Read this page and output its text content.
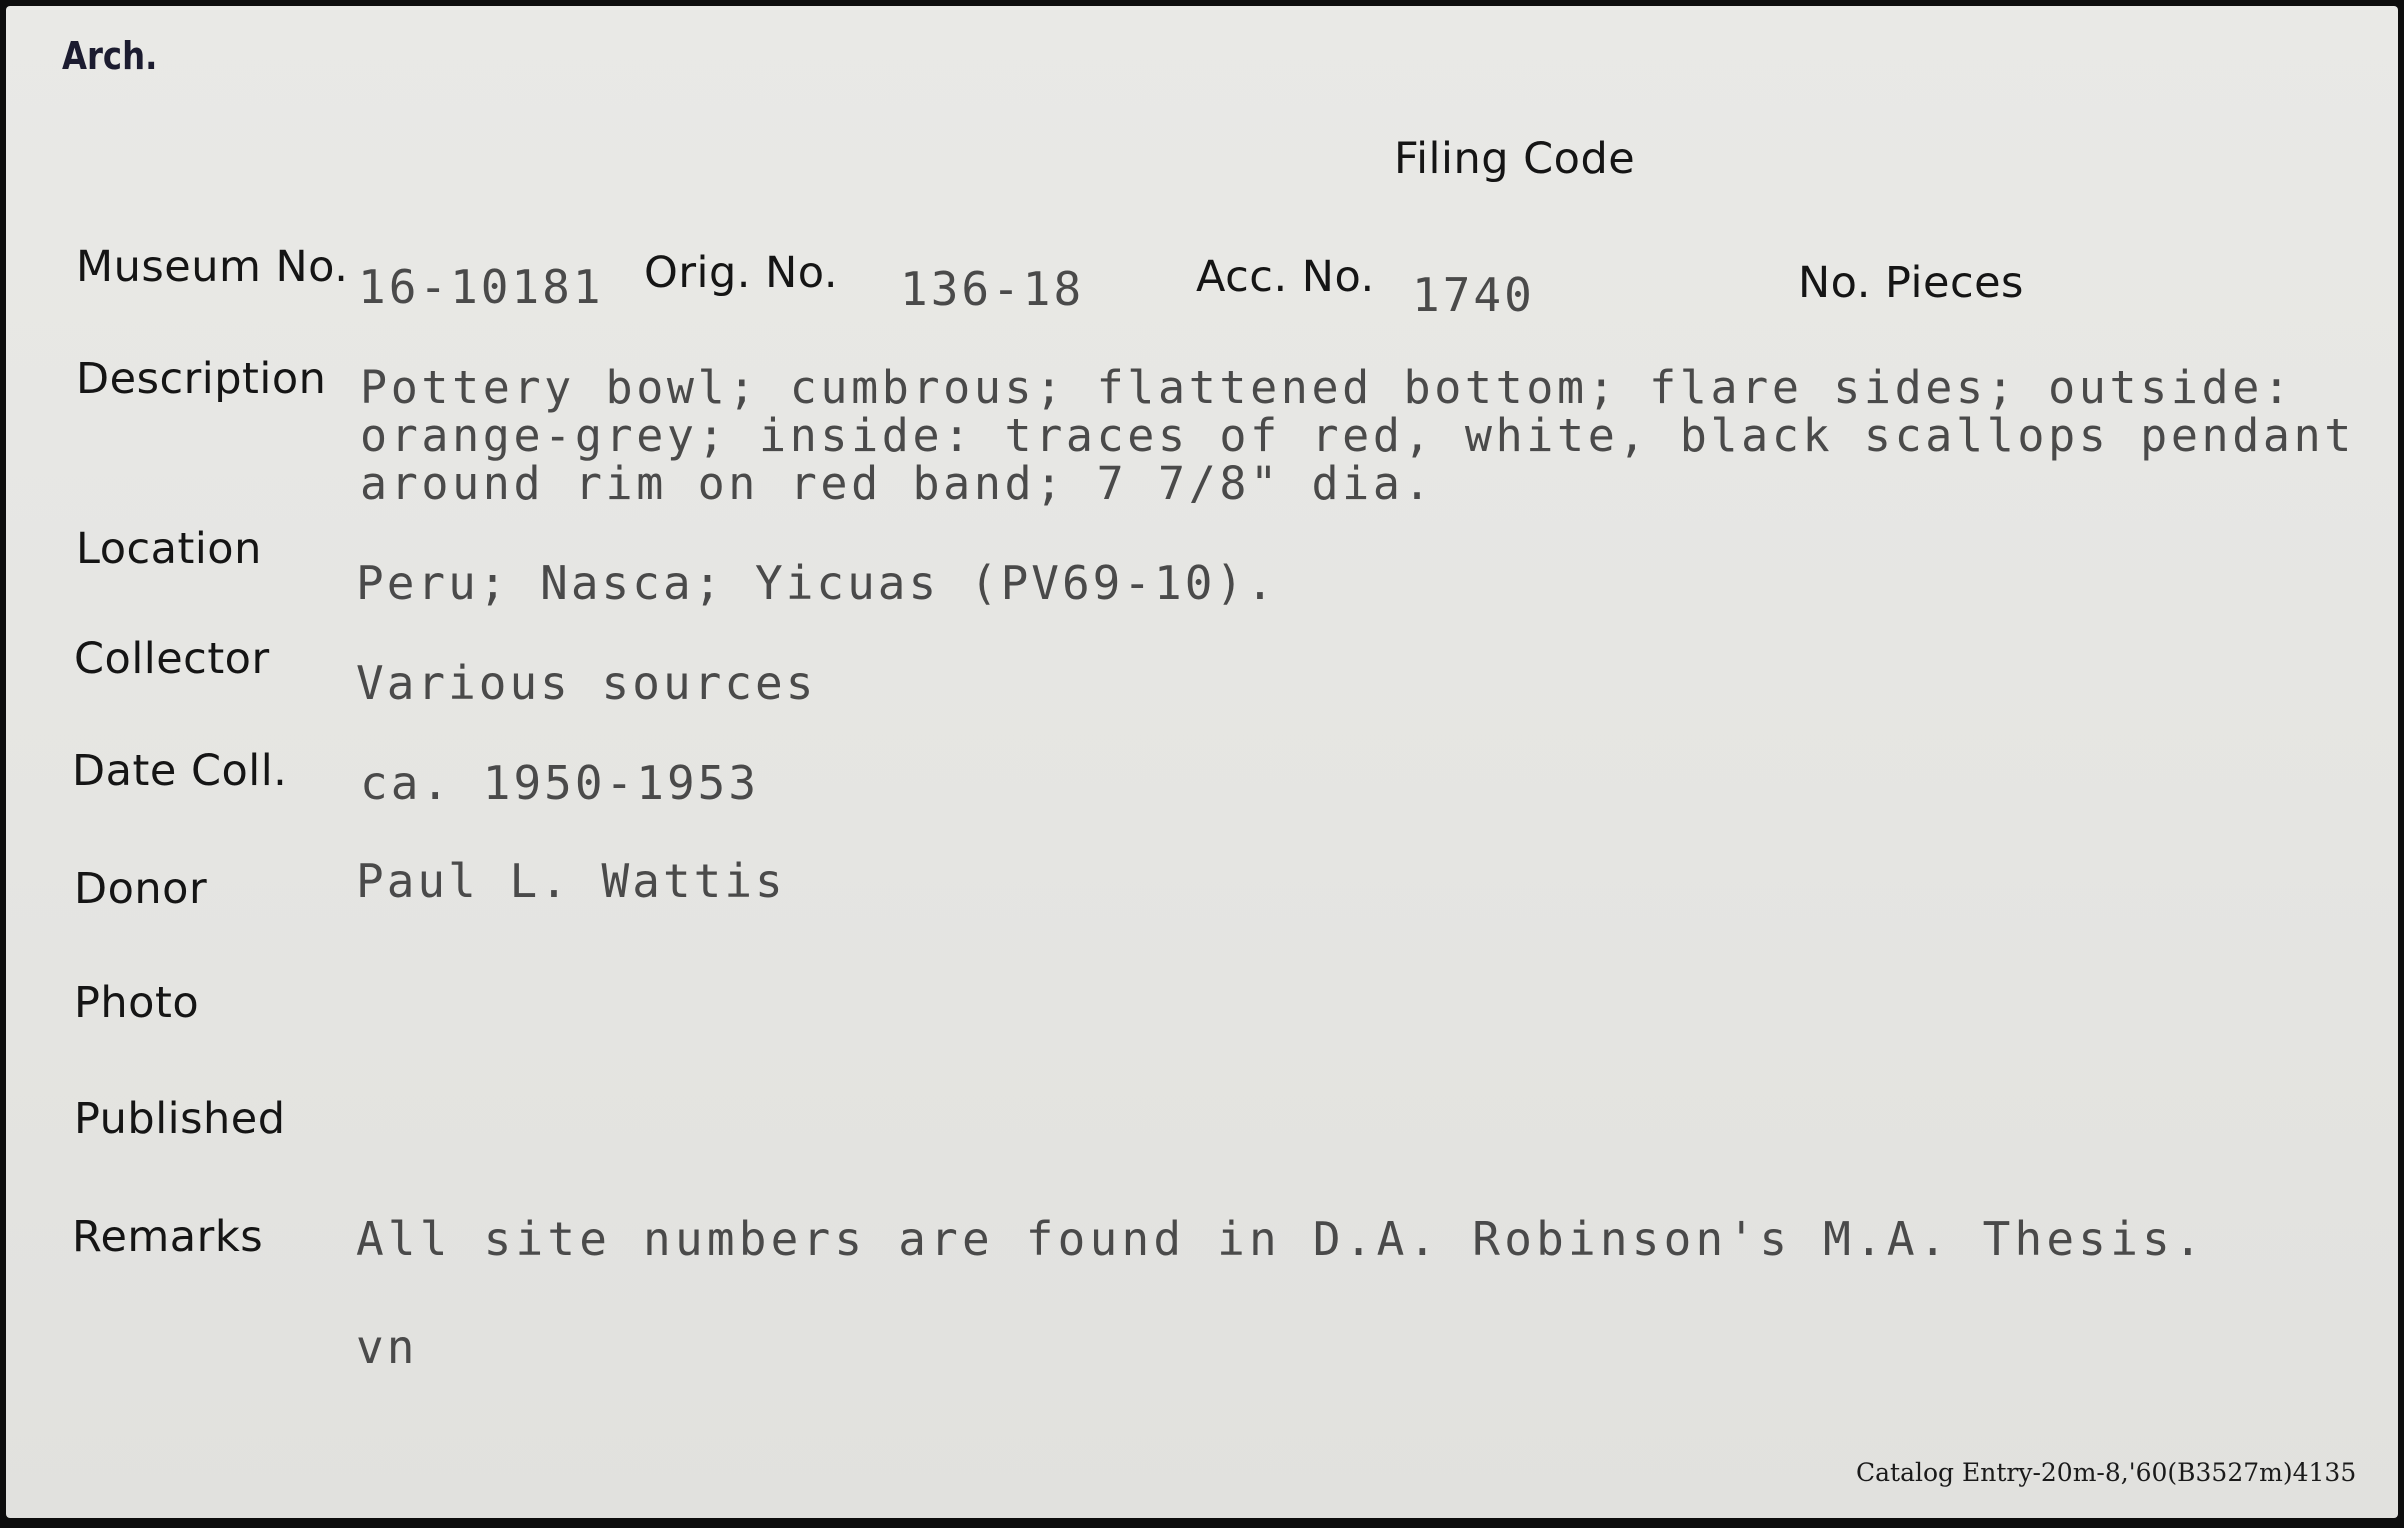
Arch.
Filing Code
Museum No. 16-10181 Orig. No. 136-18	Acc. No. 1740	No. Pieces
Description Pottery bowl; cumbrous; flattened bottom; flare sides; outside:
orange-grey; inside: traces of red, white, black scallops pendant
around rim on red band; 7 7/8" dia.
Location
Peru; Nasca; Yicuas (PV69-10).
Collector Various sources
Date Coll. ca. 1950-1953
Donor	Paul L. Wattis
Photo
Published
Remarks All site numbers are found in D.A. Robinson's M.A. Thesis.
vn
Catalog Entry-20m-8,'60(B3527m)4135
